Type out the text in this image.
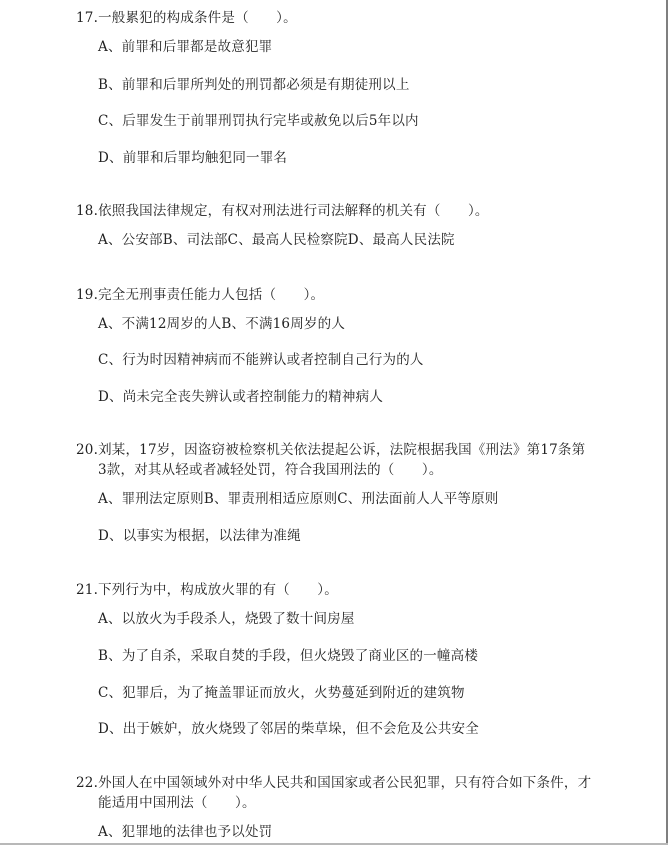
17.一般累犯的构成条件是（　　）。
A、前罪和后罪都是故意犯罪
B、前罪和后罪所判处的刑罚都必须是有期徒刑以上
C、后罪发生于前罪刑罚执行完毕或赦免以后5年以内
D、前罪和后罪均触犯同一罪名
18.依照我国法律规定，有权对刑法进行司法解释的机关有（　　）。
A、公安部B、司法部C、最高人民检察院D、最高人民法院
19.完全无刑事责任能力人包括（　　）。
A、不满12周岁的人B、不满16周岁的人
C、行为时因精神病而不能辨认或者控制自己行为的人
D、尚未完全丧失辨认或者控制能力的精神病人
20.刘某，17岁，因盗窃被检察机关依法提起公诉，法院根据我国《刑法》第17条第
3款，对其从轻或者减轻处罚，符合我国刑法的（　　）。
A、罪刑法定原则B、罪责刑相适应原则C、刑法面前人人平等原则
D、以事实为根据，以法律为准绳
21.下列行为中，构成放火罪的有（　　）。
A、以放火为手段杀人，烧毁了数十间房屋
B、为了自杀，采取自焚的手段，但火烧毁了商业区的一幢高楼
C、犯罪后，为了掩盖罪证而放火，火势蔓延到附近的建筑物
D、出于嫉妒，放火烧毁了邻居的柴草垛，但不会危及公共安全
22.外国人在中国领域外对中华人民共和国国家或者公民犯罪，只有符合如下条件，才
能适用中国刑法（　　）。
A、犯罪地的法律也予以处罚
